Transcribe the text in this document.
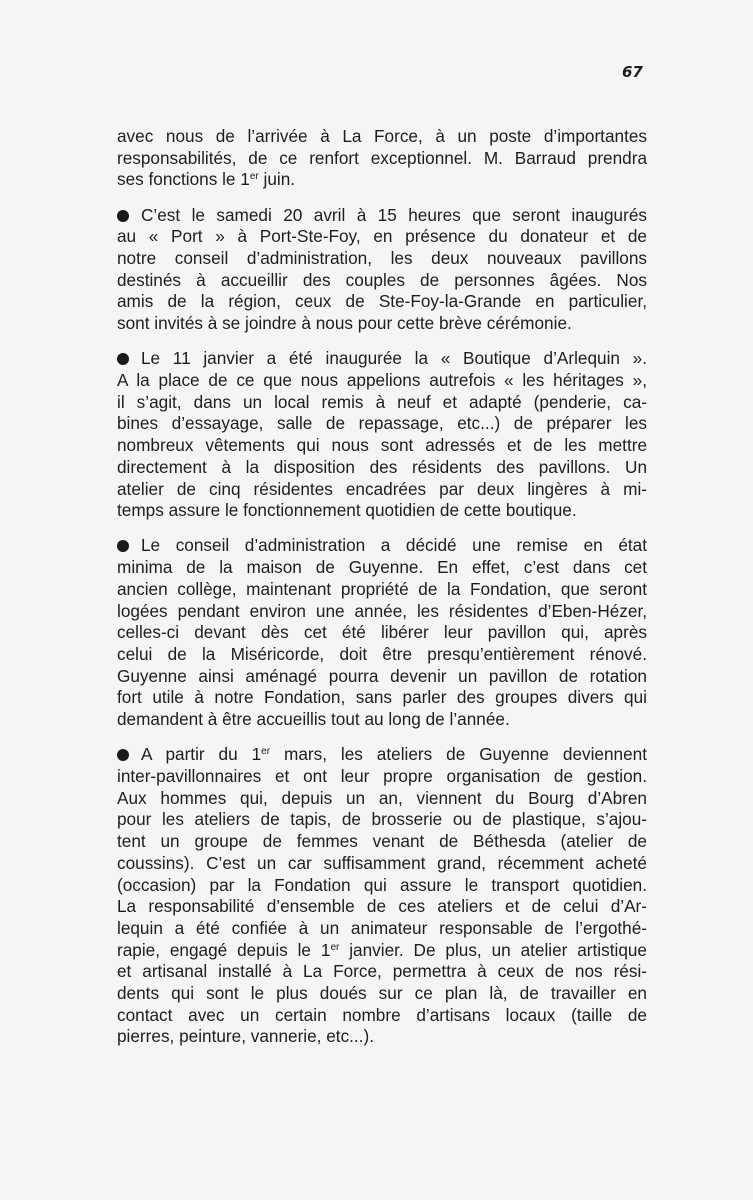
67
avec nous de l’arrivée à La Force, à un poste d’importantes
responsabilités, de ce renfort exceptionnel. M. Barraud prendra
ses fonctions le 1er juin.
C’est le samedi 20 avril à 15 heures que seront inaugurés
au « Port » à Port-Ste-Foy, en présence du donateur et de
notre conseil d’administration, les deux nouveaux pavillons
destinés à accueillir des couples de personnes âgées. Nos
amis de la région, ceux de Ste-Foy-la-Grande en particulier,
sont invités à se joindre à nous pour cette brève cérémonie.
Le 11 janvier a été inaugurée la « Boutique d’Arlequin ».
A la place de ce que nous appelions autrefois « les héritages »,
il s’agit, dans un local remis à neuf et adapté (penderie, ca-
bines d’essayage, salle de repassage, etc...) de préparer les
nombreux vêtements qui nous sont adressés et de les mettre
directement à la disposition des résidents des pavillons. Un
atelier de cinq résidentes encadrées par deux lingères à mi-
temps assure le fonctionnement quotidien de cette boutique.
Le conseil d’administration a décidé une remise en état
minima de la maison de Guyenne. En effet, c’est dans cet
ancien collège, maintenant propriété de la Fondation, que seront
logées pendant environ une année, les résidentes d’Eben-Hézer,
celles-ci devant dès cet été libérer leur pavillon qui, après
celui de la Miséricorde, doit être presqu’entièrement rénové.
Guyenne ainsi aménagé pourra devenir un pavillon de rotation
fort utile à notre Fondation, sans parler des groupes divers qui
demandent à être accueillis tout au long de l’année.
A partir du 1er mars, les ateliers de Guyenne deviennent
inter-pavillonnaires et ont leur propre organisation de gestion.
Aux hommes qui, depuis un an, viennent du Bourg d’Abren
pour les ateliers de tapis, de brosserie ou de plastique, s’ajou-
tent un groupe de femmes venant de Béthesda (atelier de
coussins). C’est un car suffisamment grand, récemment acheté
(occasion) par la Fondation qui assure le transport quotidien.
La responsabilité d’ensemble de ces ateliers et de celui d’Ar-
lequin a été confiée à un animateur responsable de l’ergothé-
rapie, engagé depuis le 1er janvier. De plus, un atelier artistique
et artisanal installé à La Force, permettra à ceux de nos rési-
dents qui sont le plus doués sur ce plan là, de travailler en
contact avec un certain nombre d’artisans locaux (taille de
pierres, peinture, vannerie, etc...).
